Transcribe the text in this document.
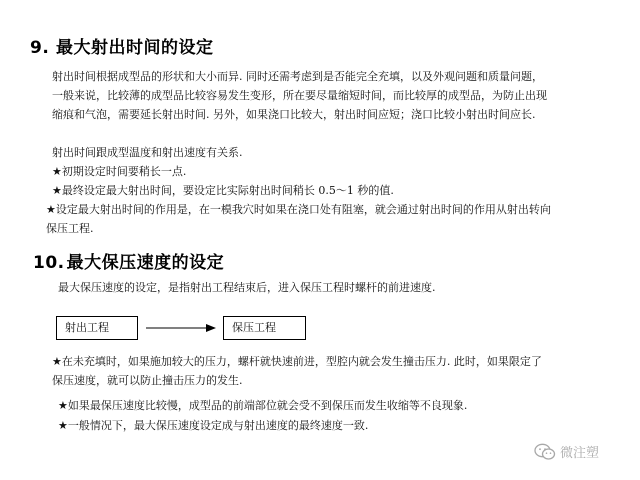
9. 最大射出时间的设定

射出时间根据成型品的形状和大小而异. 同时还需考虑到是否能完全充填，以及外观问题和质量问题，一般来说，比较薄的成型品比较容易发生变形，所在要尽量缩短时间，而比较厚的成型品，为防止出现缩痕和气泡，需要延长射出时间. 另外，如果浇口比较大，射出时间应短；浇口比较小射出时间应长.

射出时间跟成型温度和射出速度有关系.

★初期设定时间要稍长一点.

★最终设定最大射出时间，要设定比实际射出时间稍长 0.5～1 秒的值.

★设定最大射出时间的作用是，在一模我穴时如果在浇口处有阻塞，就会通过射出时间的作用从射出转向保压工程.

10. 最大保压速度的设定

最大保压速度的设定，是指射出工程结束后，进入保压工程时螺杆的前进速度.

射出工程	保压工程

★在未充填时，如果施加较大的压力，螺杆就快速前进，型腔内就会发生撞击压力. 此时，如果限定了保压速度，就可以防止撞击压力的发生.

★如果最保压速度比较慢，成型品的前端部位就会受不到保压而发生收缩等不良现象.

★一般情况下，最大保压速度设定成与射出速度的最终速度一致.

微注塑
